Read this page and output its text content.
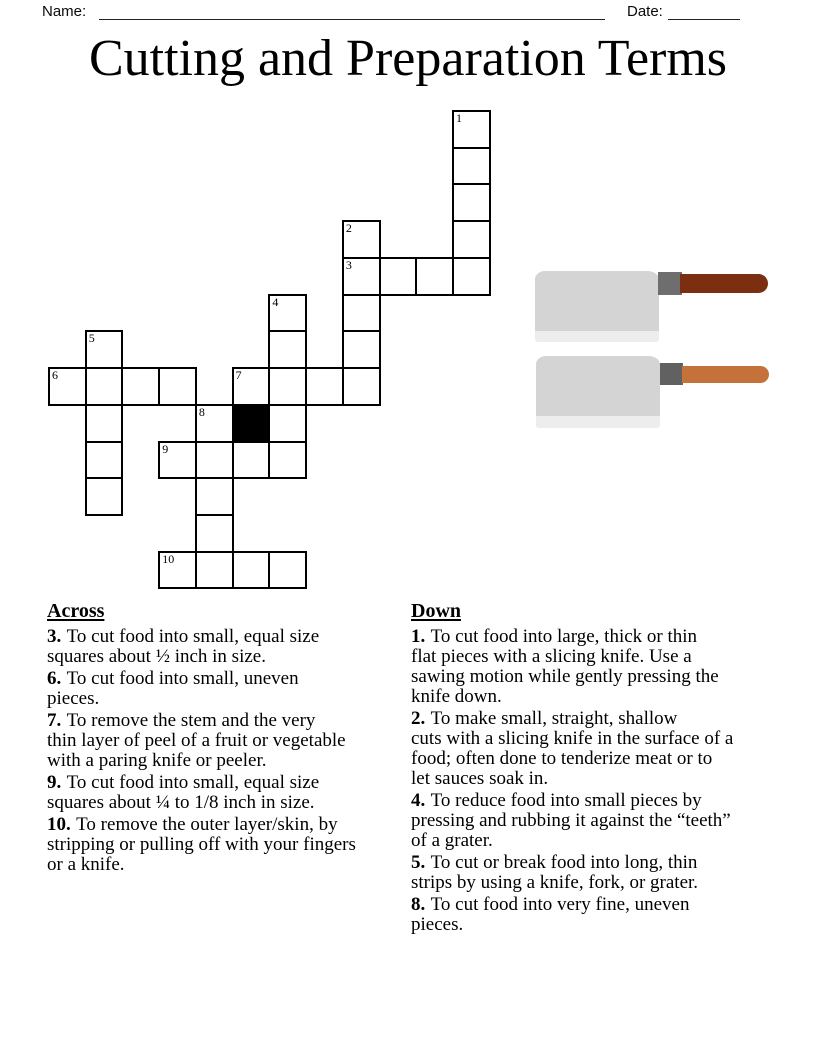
Name:	Date:
Cutting and Preparation Terms
1
2
3
4
5
6	7
8
9
10
Across

3. To cut food into small, equal size
squares about ½ inch in size.

6. To cut food into small, uneven
pieces.

7. To remove the stem and the very
thin layer of peel of a fruit or vegetable
with a paring knife or peeler.

9. To cut food into small, equal size
squares about ¼ to 1/8 inch in size.

10. To remove the outer layer/skin, by
stripping or pulling off with your fingers
or a knife.

Down

1. To cut food into large, thick or thin
flat pieces with a slicing knife. Use a
sawing motion while gently pressing the
knife down.

2. To make small, straight, shallow
cuts with a slicing knife in the surface of a
food; often done to tenderize meat or to
let sauces soak in.

4. To reduce food into small pieces by
pressing and rubbing it against the “teeth”
of a grater.

5. To cut or break food into long, thin
strips by using a knife, fork, or grater.

8. To cut food into very fine, uneven
pieces.
